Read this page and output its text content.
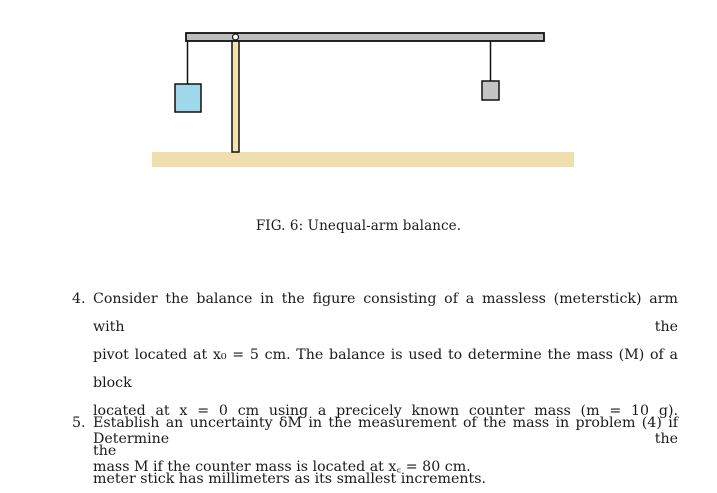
FIG. 6: Unequal-arm balance.
4. Consider the balance in the figure consisting of a massless (meterstick) arm with the
pivot located at x₀ = 5 cm. The balance is used to determine the mass (M) of a block
located at x = 0 cm using a precicely known counter mass (m = 10 g). Determine the
mass M if the counter mass is located at x꜀ = 80 cm.
5. Establish an uncertainty δM in the measurement of the mass in problem (4) if the
meter stick has millimeters as its smallest increments.
